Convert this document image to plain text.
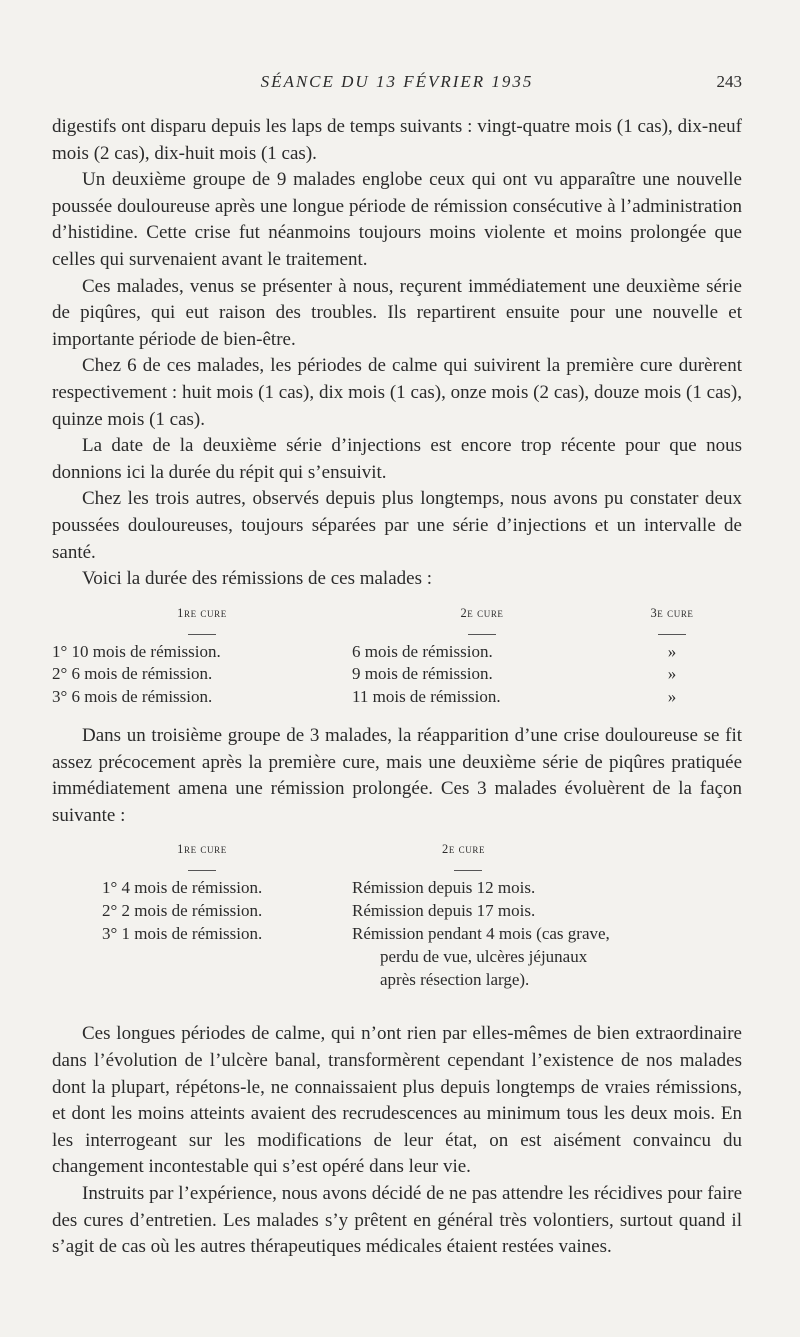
SÉANCE DU 13 FÉVRIER 1935	243

digestifs ont disparu depuis les laps de temps suivants : vingt-quatre mois (1 cas), dix-neuf mois (2 cas), dix-huit mois (1 cas).

Un deuxième groupe de 9 malades englobe ceux qui ont vu apparaître une nouvelle poussée douloureuse après une longue période de rémission consécutive à l’administration d’histidine. Cette crise fut néanmoins toujours moins violente et moins prolongée que celles qui survenaient avant le traitement.

Ces malades, venus se présenter à nous, reçurent immédiatement une deuxième série de piqûres, qui eut raison des troubles. Ils repartirent ensuite pour une nouvelle et importante période de bien-être.

Chez 6 de ces malades, les périodes de calme qui suivirent la première cure durèrent respectivement : huit mois (1 cas), dix mois (1 cas), onze mois (2 cas), douze mois (1 cas), quinze mois (1 cas).

La date de la deuxième série d’injections est encore trop récente pour que nous donnions ici la durée du répit qui s’ensuivit.

Chez les trois autres, observés depuis plus longtemps, nous avons pu constater deux poussées douloureuses, toujours séparées par une série d’injections et un intervalle de santé.

Voici la durée des rémissions de ces malades :

1re cure	2e cure	3e cure
1° 10 mois de rémission.	6 mois de rémission.	»
2° 6 mois de rémission.	9 mois de rémission.	»
3° 6 mois de rémission.	11 mois de rémission.	»

Dans un troisième groupe de 3 malades, la réapparition d’une crise douloureuse se fit assez précocement après la première cure, mais une deuxième série de piqûres pratiquée immédiatement amena une rémission prolongée. Ces 3 malades évoluèrent de la façon suivante :

1re cure	2e cure
1° 4 mois de rémission.	Rémission depuis 12 mois.
2° 2 mois de rémission.	Rémission depuis 17 mois.
3° 1 mois de rémission.	Rémission pendant 4 mois (cas grave,
perdu de vue, ulcères jéjunaux
après résection large).

Ces longues périodes de calme, qui n’ont rien par elles-mêmes de bien extraordinaire dans l’évolution de l’ulcère banal, transformèrent cependant l’existence de nos malades dont la plupart, répétons-le, ne connaissaient plus depuis longtemps de vraies rémissions, et dont les moins atteints avaient des recrudescences au minimum tous les deux mois. En les interrogeant sur les modifications de leur état, on est aisément convaincu du changement incontestable qui s’est opéré dans leur vie.

Instruits par l’expérience, nous avons décidé de ne pas attendre les récidives pour faire des cures d’entretien. Les malades s’y prêtent en général très volontiers, surtout quand il s’agit de cas où les autres thérapeutiques médicales étaient restées vaines.
